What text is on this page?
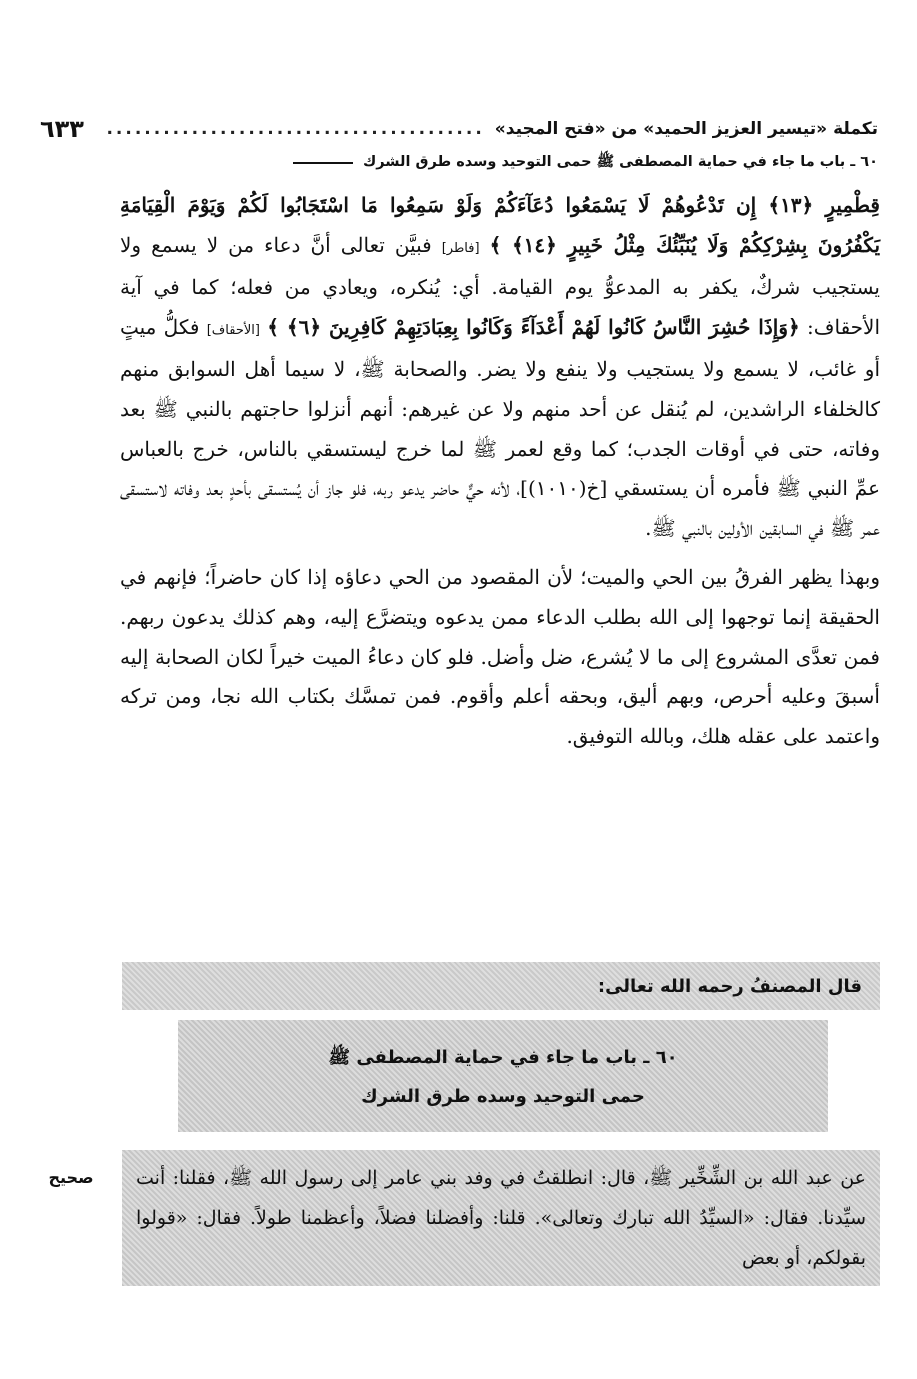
تكملة «تيسير العزيز الحميد» من «فتح المجيد»
........................................
٦٣٣
٦٠ ـ باب ما جاء في حماية المصطفى ﷺ حمى التوحيد وسده طرق الشرك

قِطْمِيرٍ ﴿١٣﴾ إِن تَدْعُوهُمْ لَا يَسْمَعُوا دُعَآءَكُمْ وَلَوْ سَمِعُوا مَا اسْتَجَابُوا لَكُمْ وَيَوْمَ الْقِيَامَةِ يَكْفُرُونَ بِشِرْكِكُمْ وَلَا يُنَبِّئُكَ مِثْلُ خَبِيرٍ ﴿١٤﴾ ﴾ [فاطر] فبيَّن تعالى أنَّ دعاء من لا يسمع ولا يستجيب شركٌ، يكفر به المدعوُّ يوم القيامة. أي: يُنكره، ويعادي من فعله؛ كما في آية الأحقاف: ﴿وَإِذَا حُشِرَ النَّاسُ كَانُوا لَهُمْ أَعْدَآءً وَكَانُوا بِعِبَادَتِهِمْ كَافِرِينَ ﴿٦﴾ ﴾ [الأحقاف] فكلُّ ميتٍ أو غائب، لا يسمع ولا يستجيب ولا ينفع ولا يضر. والصحابة ﷺ، لا سيما أهل السوابق منهم كالخلفاء الراشدين، لم يُنقل عن أحد منهم ولا عن غيرهم: أنهم أنزلوا حاجتهم بالنبي ﷺ بعد وفاته، حتى في أوقات الجدب؛ كما وقع لعمر ﷺ لما خرج ليستسقي بالناس، خرج بالعباس عمِّ النبي ﷺ فأمره أن يستسقي [خ(١٠١٠)]، لأنه حيٌّ حاضر يدعو ربه، فلو جاز أن يُستسقى بأحدٍ بعد وفاته لاستسقى عمر ﷺ في السابقين الأولين بالنبي ﷺ.

وبهذا يظهر الفرقُ بين الحي والميت؛ لأن المقصود من الحي دعاؤه إذا كان حاضراً؛ فإنهم في الحقيقة إنما توجهوا إلى الله بطلب الدعاء ممن يدعوه ويتضرَّع إليه، وهم كذلك يدعون ربهم. فمن تعدَّى المشروع إلى ما لا يُشرع، ضل وأضل. فلو كان دعاءُ الميت خيراً لكان الصحابة إليه أسبقَ وعليه أحرص، وبهم أليق، وبحقه أعلم وأقوم. فمن تمسَّك بكتاب الله نجا، ومن تركه واعتمد على عقله هلك، وبالله التوفيق.

قال المصنفُ رحمه الله تعالى:
٦٠ ـ باب ما جاء في حماية المصطفى ﷺ
حمى التوحيد وسده طرق الشرك
صحيح	عن عبد الله بن الشِّخِّير ﷺ، قال: انطلقتُ في وفد بني عامر إلى رسول الله ﷺ، فقلنا: أنت سيِّدنا. فقال: «السيِّدُ الله تبارك وتعالى». قلنا: وأفضلنا فضلاً، وأعظمنا طولاً. فقال: «قولوا بقولكم، أو بعض
